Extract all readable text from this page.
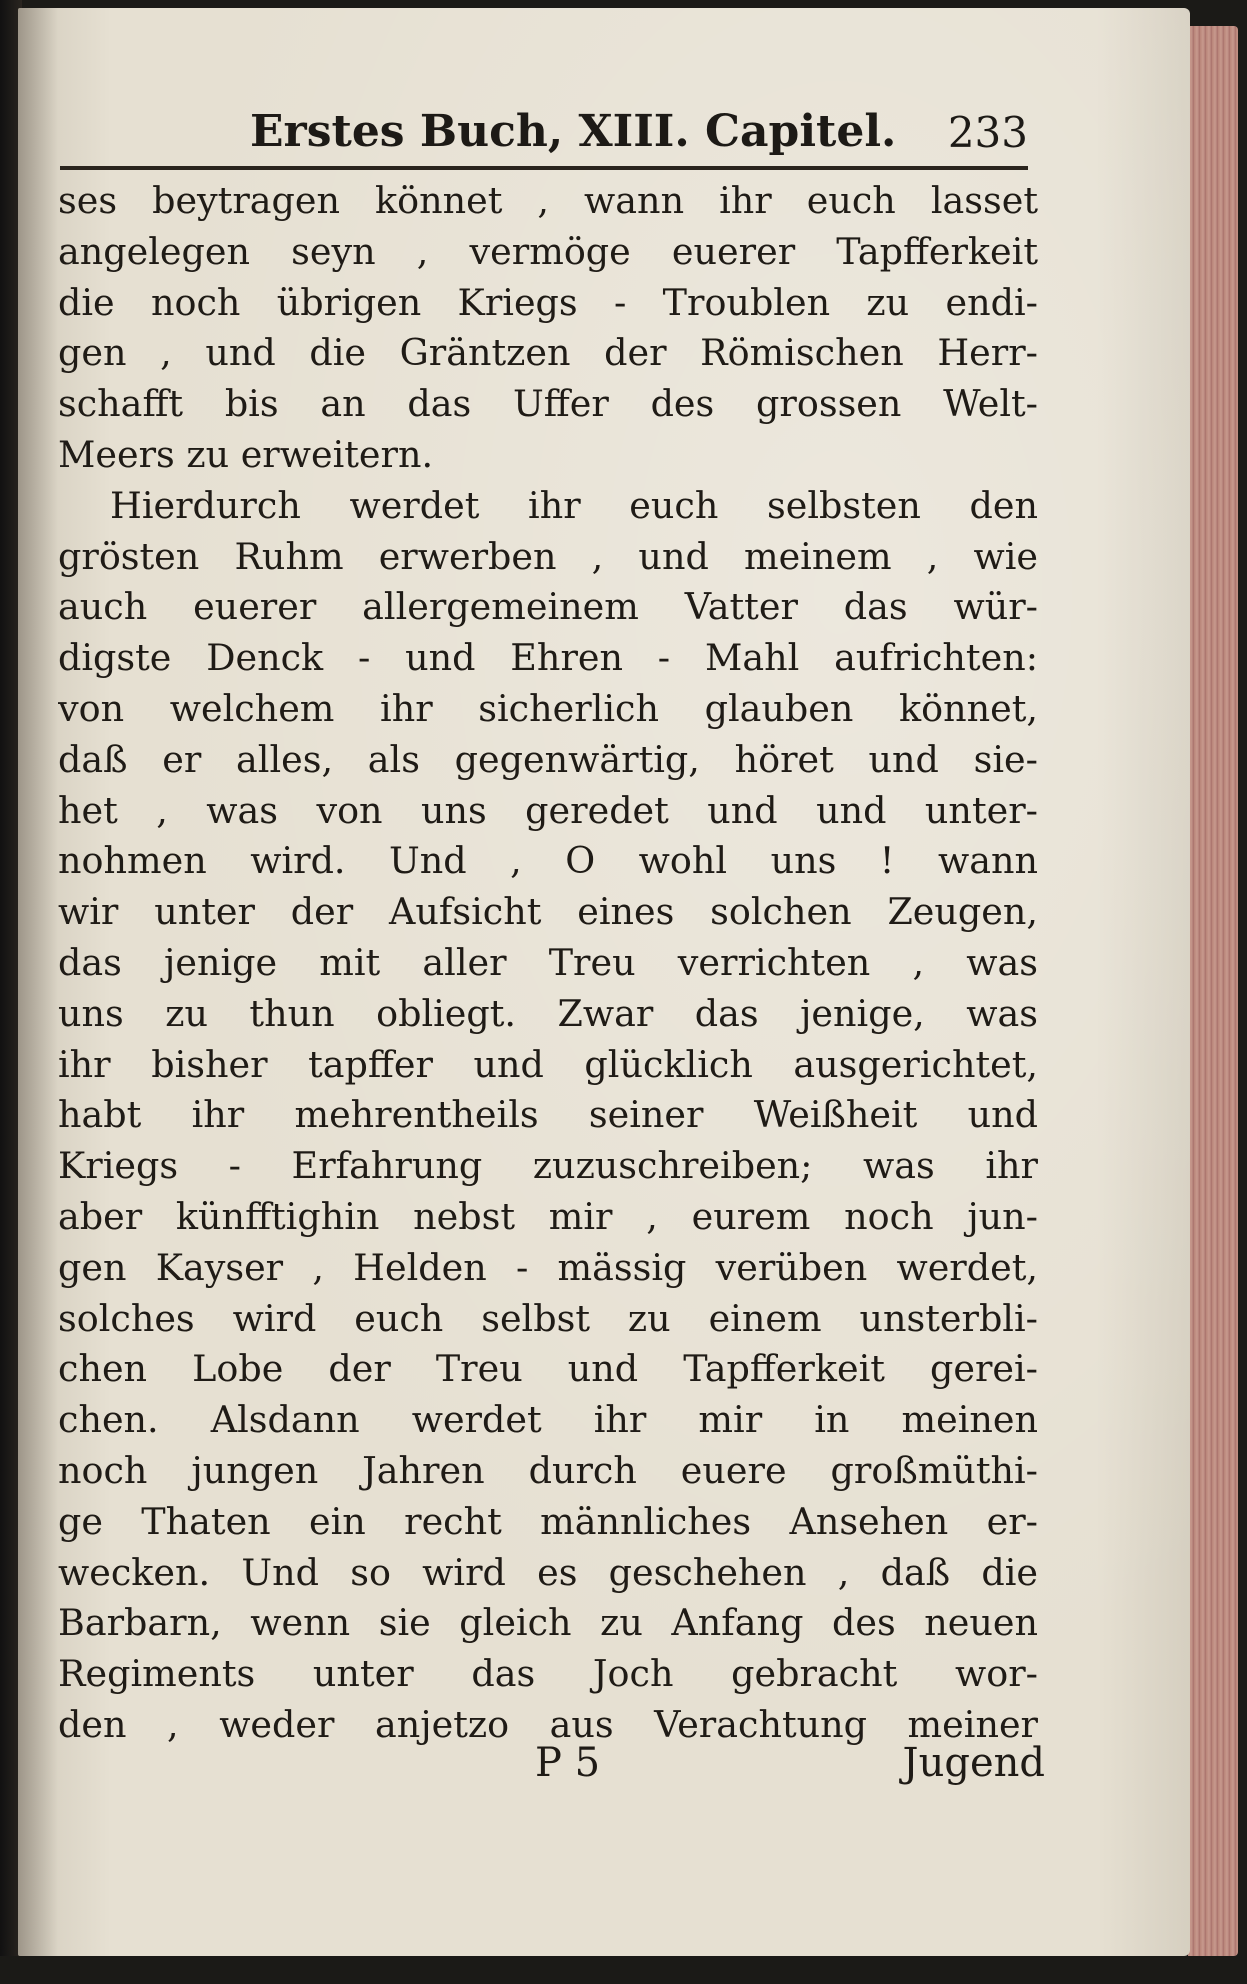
Erstes Buch, XIII. Capitel. 233
ses beytragen könnet , wann ihr euch lasset
angelegen seyn , vermöge euerer Tapfferkeit
die noch übrigen Kriegs - Troublen zu endi-
gen , und die Gräntzen der Römischen Herr-
schafft bis an das Uffer des grossen Welt-
Meers zu erweitern.
Hierdurch werdet ihr euch selbsten den
grösten Ruhm erwerben , und meinem , wie
auch euerer allergemeinem Vatter das wür-
digste Denck - und Ehren - Mahl aufrichten:
von welchem ihr sicherlich glauben könnet,
daß er alles, als gegenwärtig, höret und sie-
het , was von uns geredet und und unter-
nohmen wird. Und , O wohl uns ! wann
wir unter der Aufsicht eines solchen Zeugen,
das jenige mit aller Treu verrichten , was
uns zu thun obliegt. Zwar das jenige, was
ihr bisher tapffer und glücklich ausgerichtet,
habt ihr mehrentheils seiner Weißheit und
Kriegs - Erfahrung zuzuschreiben; was ihr
aber künfftighin nebst mir , eurem noch jun-
gen Kayser , Helden - mässig verüben werdet,
solches wird euch selbst zu einem unsterbli-
chen Lobe der Treu und Tapfferkeit gerei-
chen. Alsdann werdet ihr mir in meinen
noch jungen Jahren durch euere großmüthi-
ge Thaten ein recht männliches Ansehen er-
wecken. Und so wird es geschehen , daß die
Barbarn, wenn sie gleich zu Anfang des neuen
Regiments unter das Joch gebracht wor-
den , weder anjetzo aus Verachtung meiner
P 5	Jugend
